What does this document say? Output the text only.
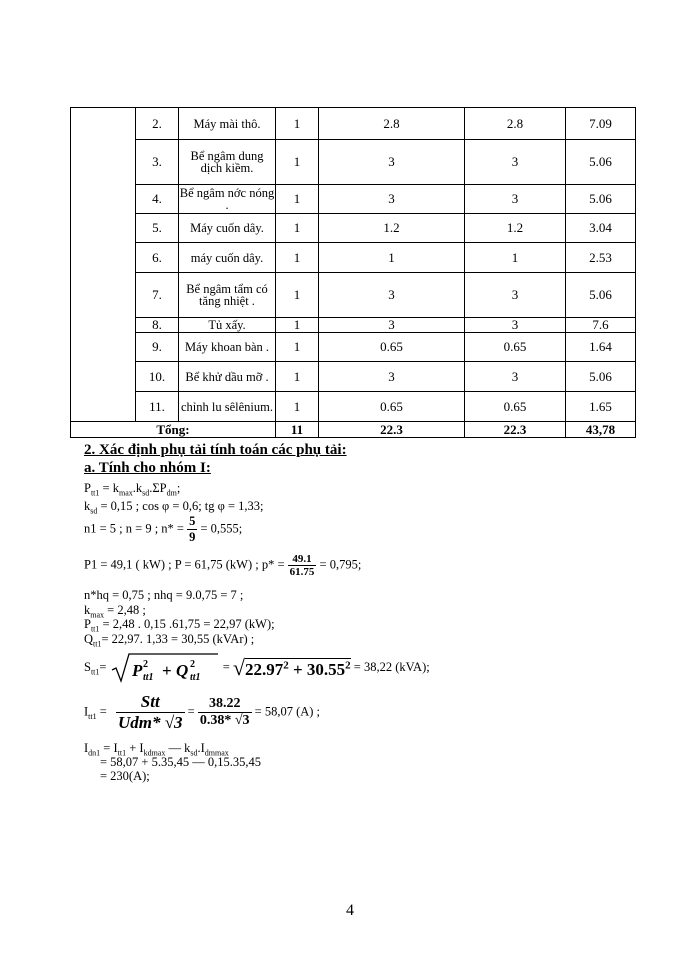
	2.	Máy mài thô.	1	2.8	2.8	7.09
	3.	Bể ngâm dung dịch kiềm.	1	3	3	5.06
	4.	Bể ngâm nớc nóng .	1	3	3	5.06
	5.	Máy cuốn dây.	1	1.2	1.2	3.04
	6.	máy cuốn dây.	1	1	1	2.53
	7.	Bể ngâm tẩm có tăng nhiệt .	1	3	3	5.06
	8.	Tủ xấy.	1	3	3	7.6
	9.	Máy khoan bàn .	1	0.65	0.65	1.64
	10.	Bể khử dầu mỡ .	1	3	3	5.06
	11.	chỉnh lu sêlênium.	1	0.65	0.65	1.65
Tổng:			11	22.3	22.3	43,78
2. Xác định phụ tải tính toán các phụ tải:
a. Tính cho nhóm I:
$P_{tt1} = k_{max}.k_{sd}.\Sigma P_{dm}$;
$k_{sd} = 0,15$ ; cos φ = 0,6; tg φ = 1,33;
n1 = 5 ; n = 9 ; $n* = \frac{5}{9} = 0,555$;
P1 = 49,1 ( kW) ; P = 61,75 (kW) ; $p* = \frac{49.1}{61.75} = 0,795$;
n*hq = 0,75 ; nhq = 9.0,75 = 7 ;
$k_{max} = 2,48$ ;
$P_{tt1} = 2,48$ . 0,15 .61,75 = 22,97 (kW);
$Q_{tt1}= 22,97$. 1,33 = 30,55 (kVAr) ;
$S_{tt1}= P$ 2
tt1 + Q 2
tt1
= $√22.97^2 + 30.55^2 = 38,22$ (kVA);
$I_{tt1} = \frac{\text{Stt}}{\text{Udm* √3}} = \frac{38.22}{0.38* √3} = 58,07$ (A) ;
$I_{dn1} = I_{tt1} + I_{kdmax}$ — $k_{sd}.I_{dmmax}$
= 58,07 + 5.35,45 — 0,15.35,45
= 230(A);
4
